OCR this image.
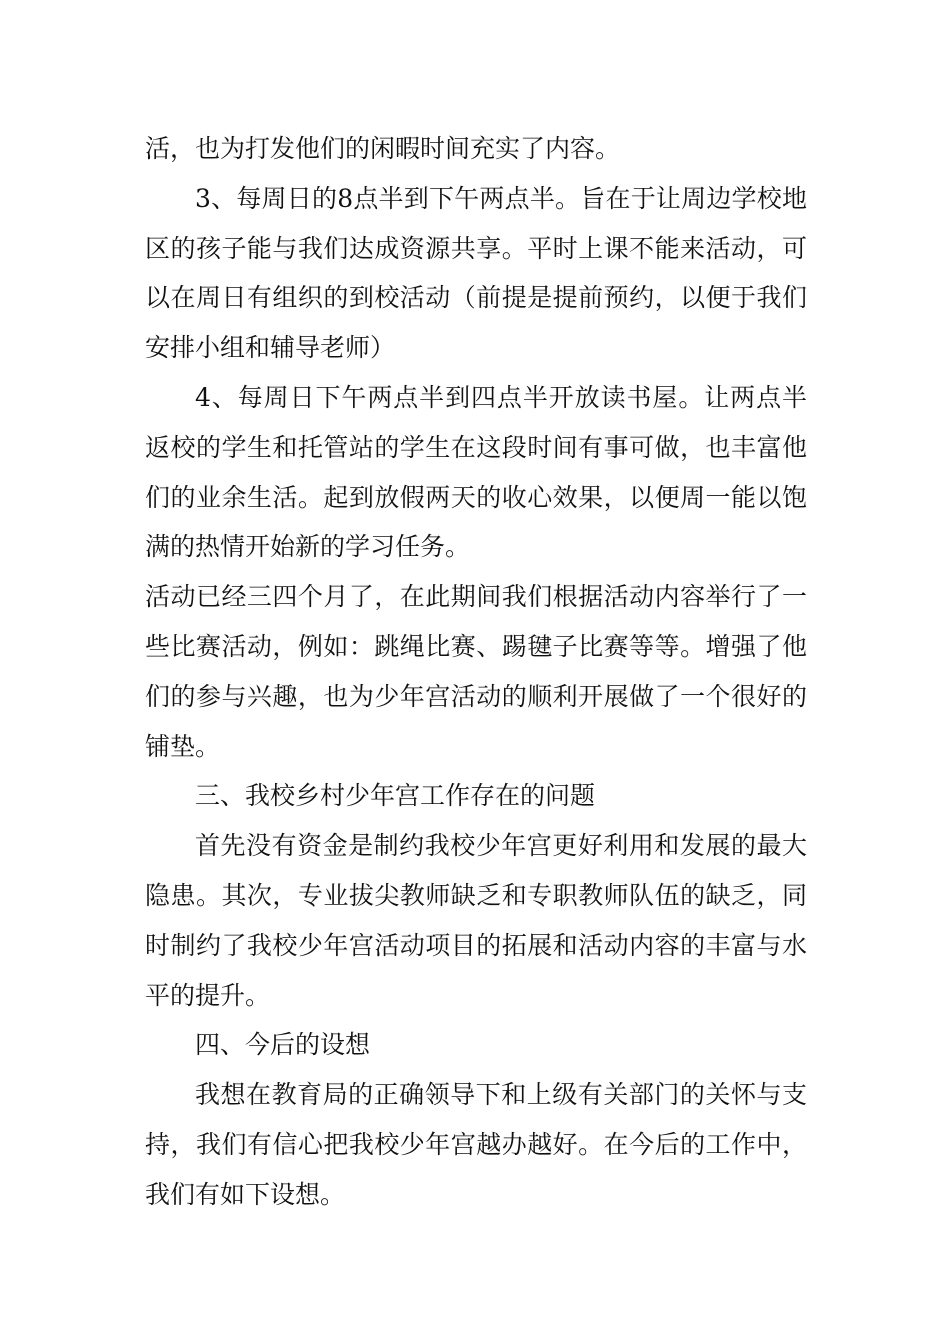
活，也为打发他们的闲暇时间充实了内容。

3、每周日的8点半到下午两点半。旨在于让周边学校地区的孩子能与我们达成资源共享。平时上课不能来活动，可以在周日有组织的到校活动（前提是提前预约，以便于我们安排小组和辅导老师）

4、每周日下午两点半到四点半开放读书屋。让两点半返校的学生和托管站的学生在这段时间有事可做，也丰富他们的业余生活。起到放假两天的收心效果，以便周一能以饱满的热情开始新的学习任务。

活动已经三四个月了，在此期间我们根据活动内容举行了一些比赛活动，例如：跳绳比赛、踢毽子比赛等等。增强了他们的参与兴趣，也为少年宫活动的顺利开展做了一个很好的铺垫。

三、我校乡村少年宫工作存在的问题

首先没有资金是制约我校少年宫更好利用和发展的最大隐患。其次，专业拔尖教师缺乏和专职教师队伍的缺乏，同时制约了我校少年宫活动项目的拓展和活动内容的丰富与水平的提升。

四、今后的设想

我想在教育局的正确领导下和上级有关部门的关怀与支持，我们有信心把我校少年宫越办越好。在今后的工作中，我们有如下设想。
